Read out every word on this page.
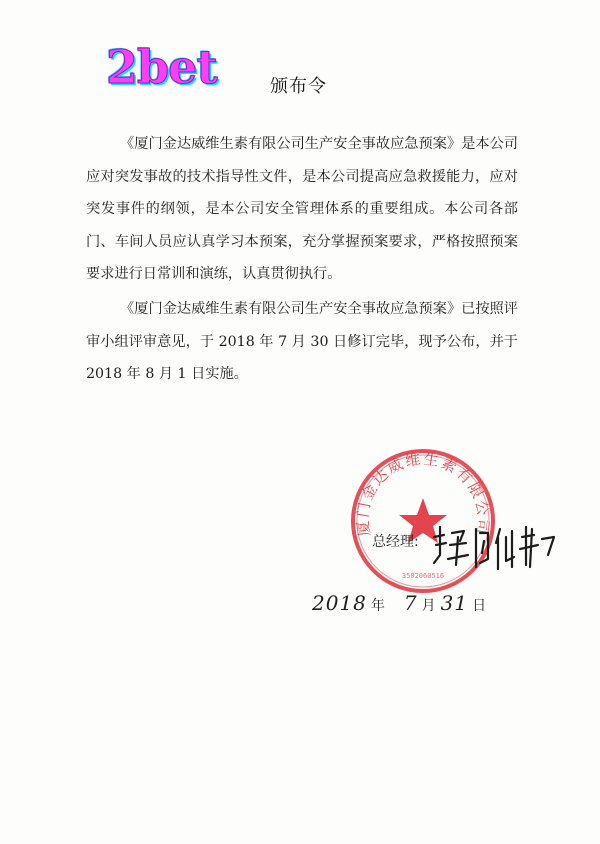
2bet	颁布令

《厦门金达威维生素有限公司生产安全事故应急预案》是本公司应对突发事故的技术指导性文件，是本公司提高应急救援能力，应对突发事件的纲领，是本公司安全管理体系的重要组成。本公司各部门、车间人员应认真学习本预案，充分掌握预案要求，严格按照预案要求进行日常训和演练，认真贯彻执行。

《厦门金达威维生素有限公司生产安全事故应急预案》已按照评审小组评审意见，于 2018 年 7 月 30 日修订完毕，现予公布，并于 2018 年 8 月 1 日实施。

厦门金达威维生素有限公司
3502060516
总经理:
2018 年 7 月 31 日
